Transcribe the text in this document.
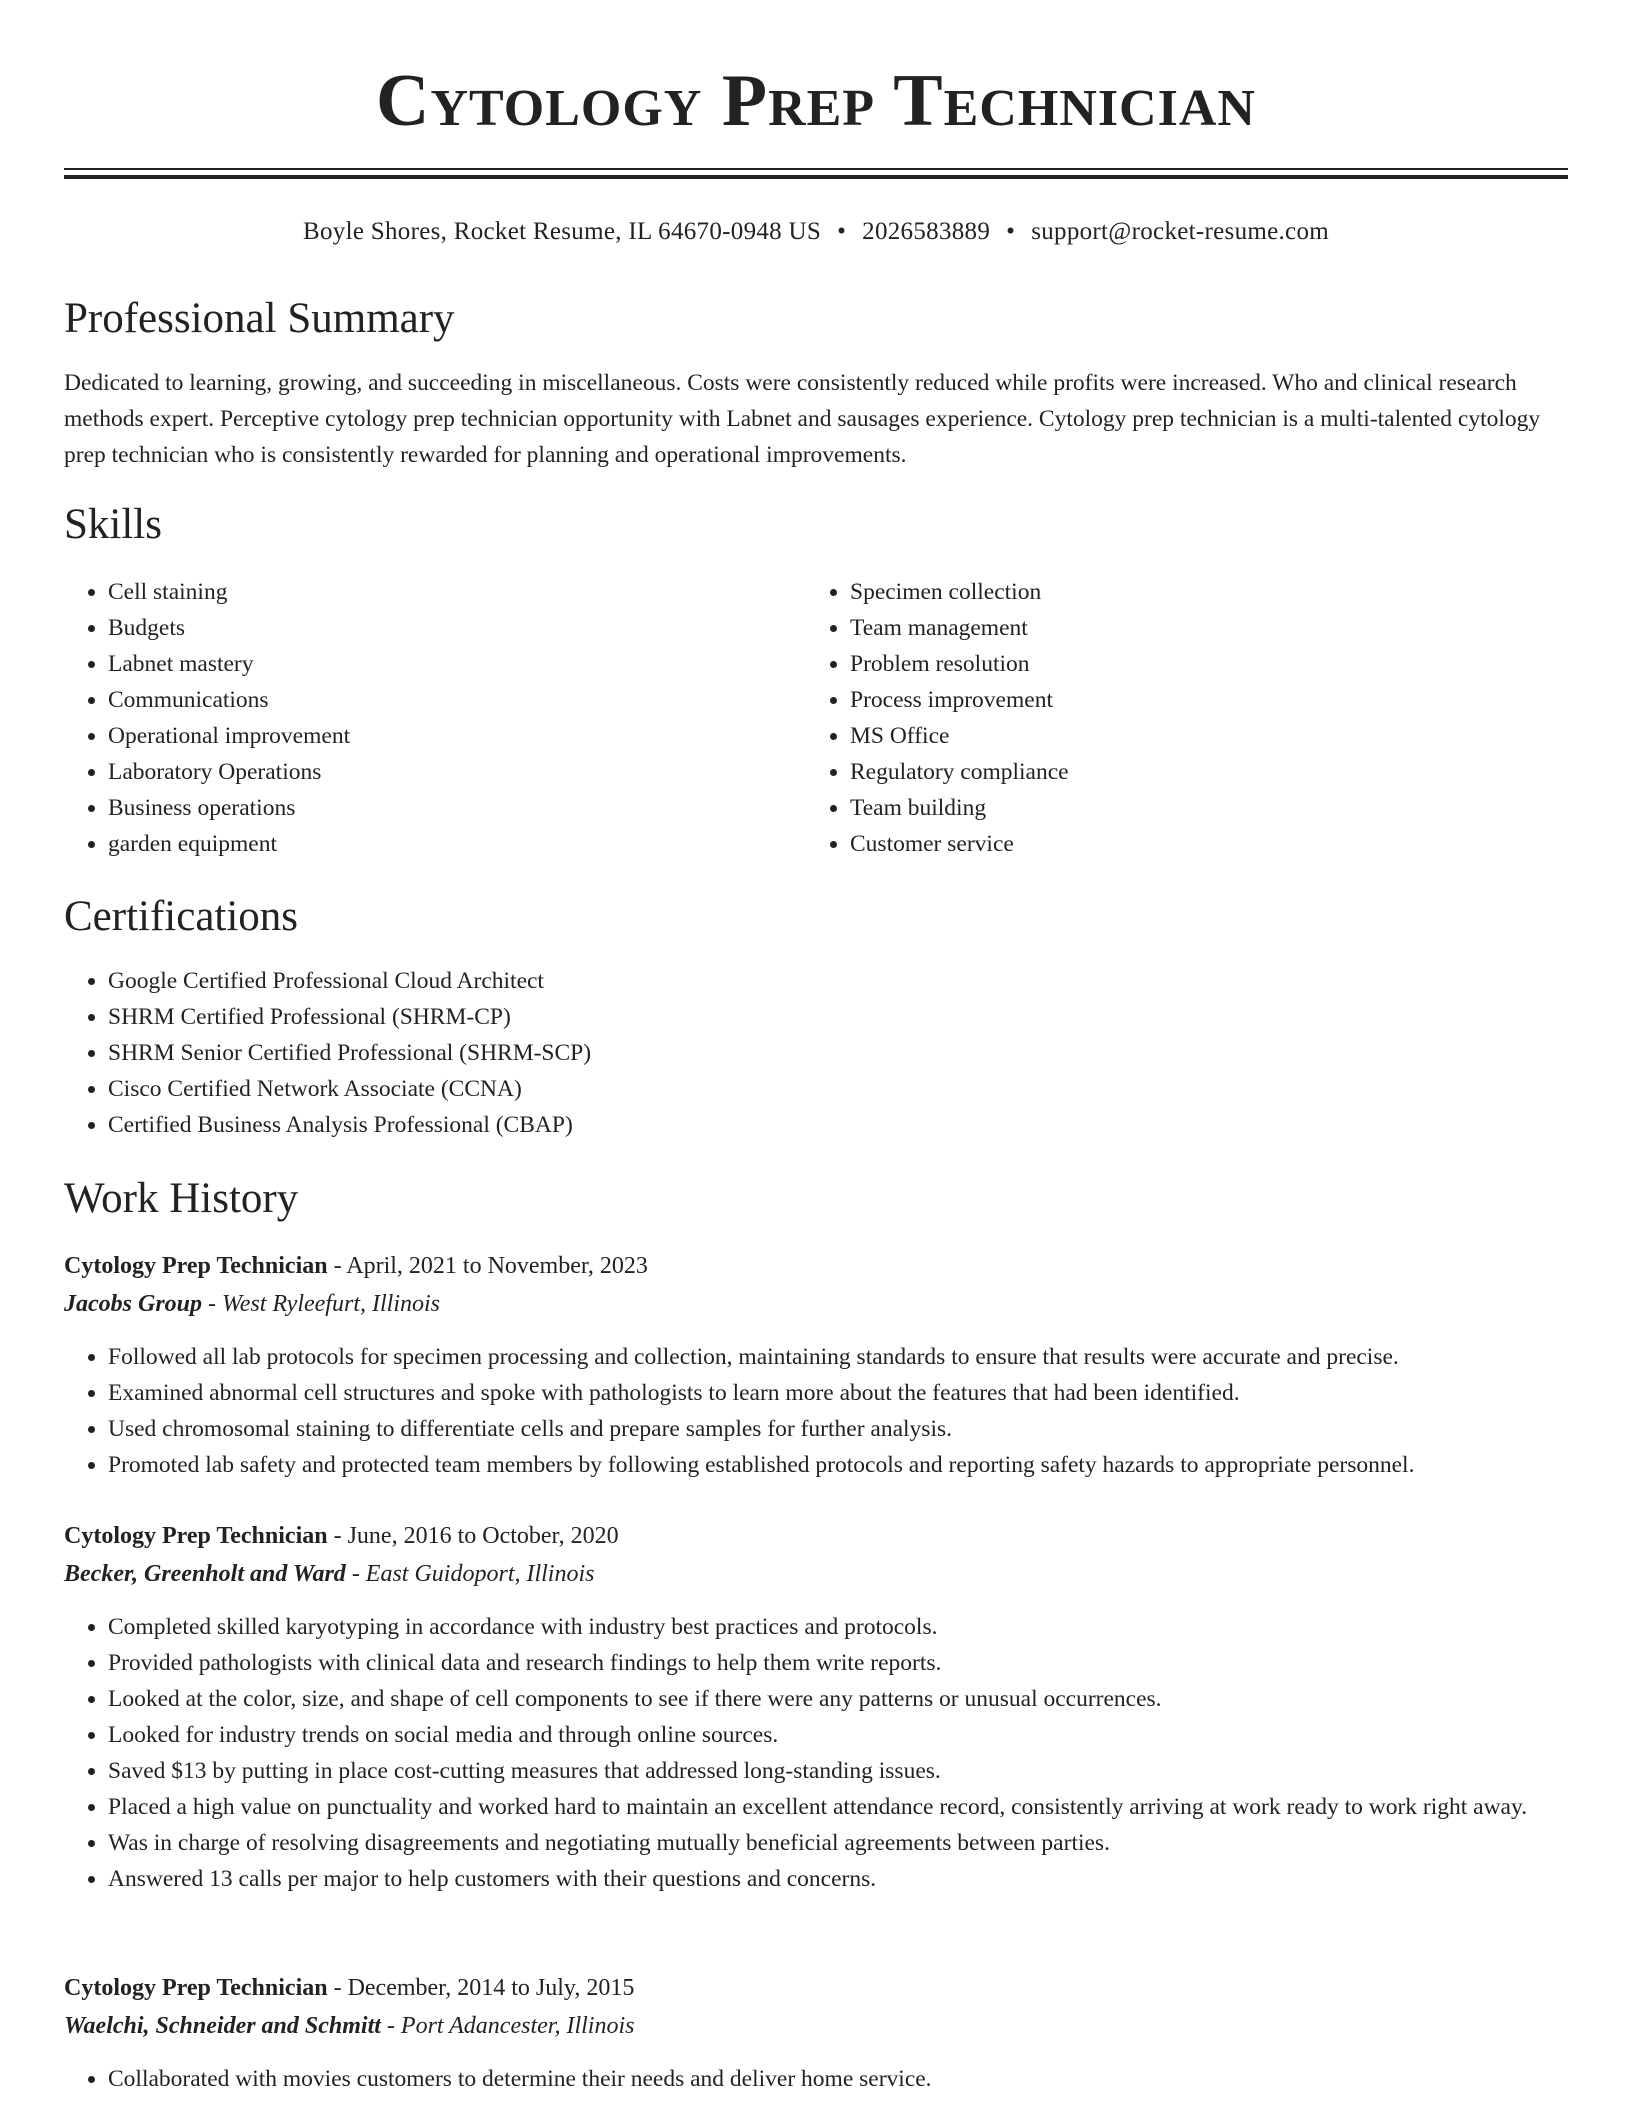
Cytology Prep Technician
Boyle Shores, Rocket Resume, IL 64670-0948 US • 2026583889 • support@rocket-resume.com
Professional Summary

Dedicated to learning, growing, and succeeding in miscellaneous. Costs were consistently reduced while profits were increased. Who and clinical research methods expert. Perceptive cytology prep technician opportunity with Labnet and sausages experience. Cytology prep technician is a multi-talented cytology prep technician who is consistently rewarded for planning and operational improvements.

Skills
• Cell staining
• Budgets
• Labnet mastery
• Communications
• Operational improvement
• Laboratory Operations
• Business operations
• garden equipment
• Specimen collection
• Team management
• Problem resolution
• Process improvement
• MS Office
• Regulatory compliance
• Team building
• Customer service
Certifications
• Google Certified Professional Cloud Architect
• SHRM Certified Professional (SHRM-CP)
• SHRM Senior Certified Professional (SHRM-SCP)
• Cisco Certified Network Associate (CCNA)
• Certified Business Analysis Professional (CBAP)
Work History
Cytology Prep Technician - April, 2021 to November, 2023
Jacobs Group - West Ryleefurt, Illinois
• Followed all lab protocols for specimen processing and collection, maintaining standards to ensure that results were accurate and precise.
• Examined abnormal cell structures and spoke with pathologists to learn more about the features that had been identified.
• Used chromosomal staining to differentiate cells and prepare samples for further analysis.
• Promoted lab safety and protected team members by following established protocols and reporting safety hazards to appropriate personnel.
Cytology Prep Technician - June, 2016 to October, 2020
Becker, Greenholt and Ward - East Guidoport, Illinois
• Completed skilled karyotyping in accordance with industry best practices and protocols.
• Provided pathologists with clinical data and research findings to help them write reports.
• Looked at the color, size, and shape of cell components to see if there were any patterns or unusual occurrences.
• Looked for industry trends on social media and through online sources.
• Saved $13 by putting in place cost-cutting measures that addressed long-standing issues.
• Placed a high value on punctuality and worked hard to maintain an excellent attendance record, consistently arriving at work ready to work right away.
• Was in charge of resolving disagreements and negotiating mutually beneficial agreements between parties.
• Answered 13 calls per major to help customers with their questions and concerns.
Cytology Prep Technician - December, 2014 to July, 2015
Waelchi, Schneider and Schmitt - Port Adancester, Illinois
• Collaborated with movies customers to determine their needs and deliver home service.
